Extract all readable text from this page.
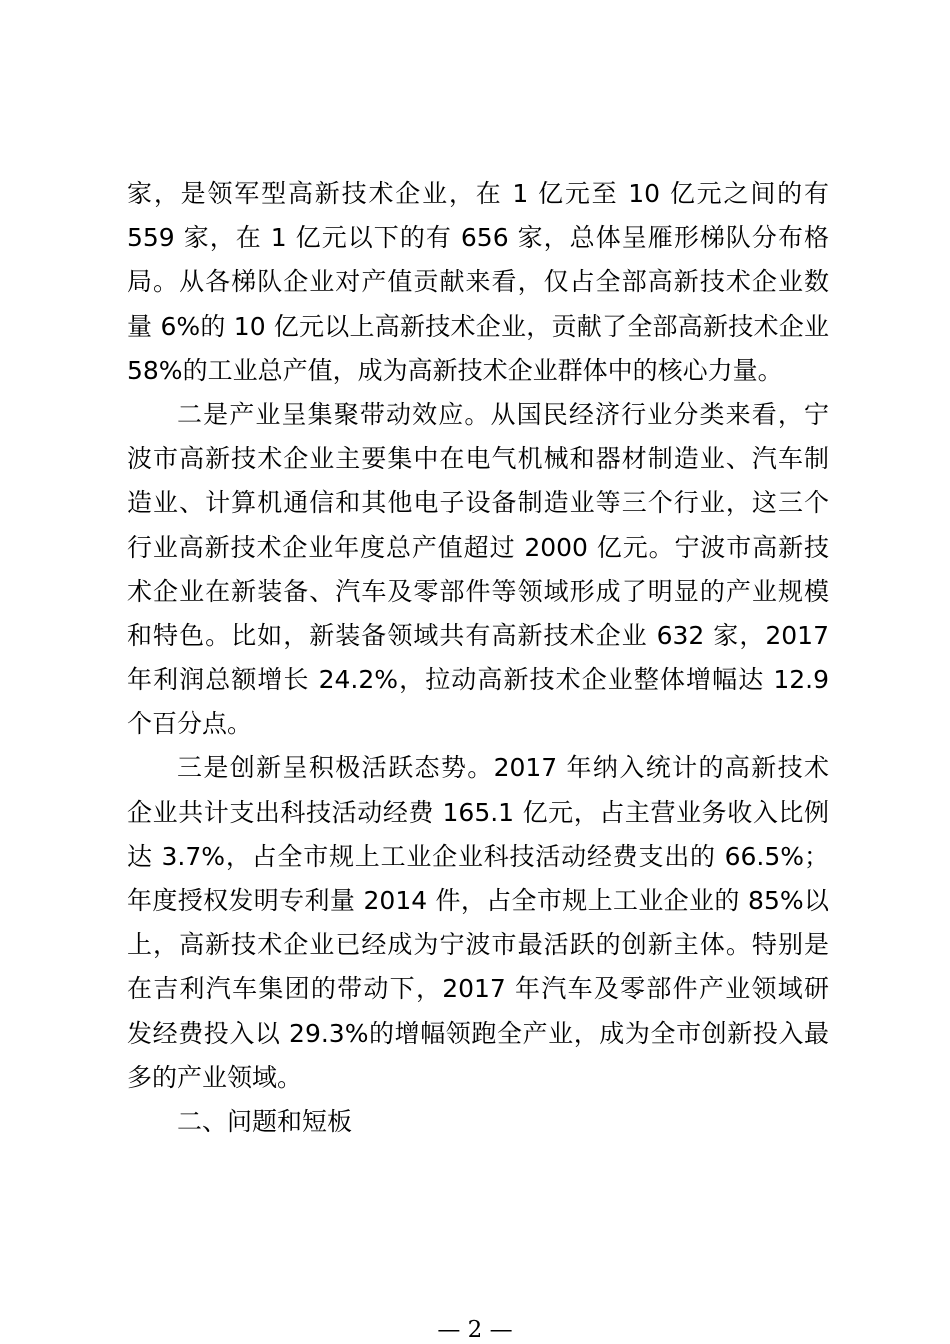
家，是领军型高新技术企业，在 1 亿元至 10 亿元之间的有
559 家，在 1 亿元以下的有 656 家，总体呈雁形梯队分布格
局。从各梯队企业对产值贡献来看，仅占全部高新技术企业数
量 6%的 10 亿元以上高新技术企业，贡献了全部高新技术企业
58%的工业总产值，成为高新技术企业群体中的核心力量。
二是产业呈集聚带动效应。从国民经济行业分类来看，宁
波市高新技术企业主要集中在电气机械和器材制造业、汽车制
造业、计算机通信和其他电子设备制造业等三个行业，这三个
行业高新技术企业年度总产值超过 2000 亿元。宁波市高新技
术企业在新装备、汽车及零部件等领域形成了明显的产业规模
和特色。比如，新装备领域共有高新技术企业 632 家，2017
年利润总额增长 24.2%，拉动高新技术企业整体增幅达 12.9
个百分点。
三是创新呈积极活跃态势。2017 年纳入统计的高新技术
企业共计支出科技活动经费 165.1 亿元，占主营业务收入比例
达 3.7%，占全市规上工业企业科技活动经费支出的 66.5%；
年度授权发明专利量 2014 件，占全市规上工业企业的 85%以
上，高新技术企业已经成为宁波市最活跃的创新主体。特别是
在吉利汽车集团的带动下，2017 年汽车及零部件产业领域研
发经费投入以 29.3%的增幅领跑全产业，成为全市创新投入最
多的产业领域。
二、问题和短板
— 2 —
